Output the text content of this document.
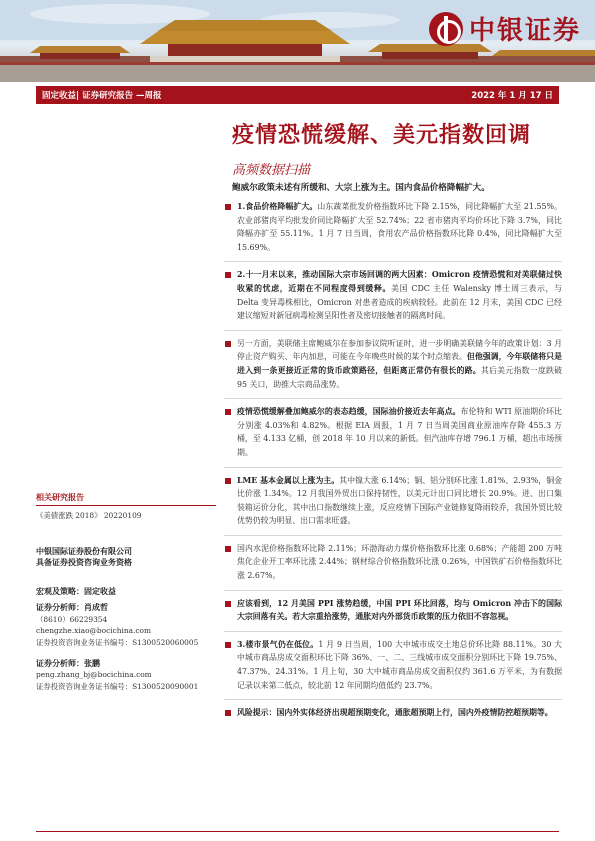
中银证券
固定收益| 证券研究报告 —周报	2022 年 1 月 17 日
疫情恐慌缓解、美元指数回调
高频数据扫描
鲍威尔政策未述有所缓和、大宗上涨为主。国内食品价格降幅扩大。
1.食品价格降幅扩大。山东蔬菜批发价格指数环比下降 2.15%，同比降幅扩大至 21.55%。农业部猪肉平均批发价同比降幅扩大至 52.74%；22 省市猪肉平均价环比下降 3.7%，同比降幅亦扩至 55.11%。1 月 7 日当周，食用农产品价格指数环比降 0.4%，同比降幅扩大至 15.69%。
2.十一月末以来，推动国际大宗市场回调的两大因素：Omicron 疫情恐慌和对美联储过快收紧的忧虑，近期在不同程度得到缓释。美国 CDC 主任 Walensky 博士周三表示，与 Delta 变异毒株相比，Omicron 对患者造成的疾病较轻。此前在 12 月末，美国 CDC 已经建议缩短对新冠病毒检测呈阳性者及密切接触者的隔离时间。
另一方面，美联储主席鲍威尔在参加参议院听证时，进一步明确美联储今年的政策计划：3 月停止资产购买、年内加息，可能在今年晚些时候的某个时点缩表。但他强调，今年联储将只是进入到一条更接近正常的货币政策路径，但距离正常仍有很长的路。其后美元指数一度跌破 95 关口，助推大宗商品涨势。
疫情恐慌缓解叠加鲍威尔的表态趋缓，国际油价接近去年高点。布伦特和 WTI 原油期价环比分别涨 4.03%和 4.82%。根据 EIA 周报，1 月 7 日当周美国商业原油库存降 455.3 万桶，至 4.133 亿桶，创 2018 年 10 月以来的新低。但汽油库存增 796.1 万桶，超出市场预期。
LME 基本金属以上涨为主。其中镍大涨 6.14%；铜、铝分别环比涨 1.81%、2.93%，铜金比价涨 1.34%。12 月我国外贸出口保持韧性，以美元计出口同比增长 20.9%。进、出口集装箱运价分化，其中出口指数继续上涨，反应疫情下国际产业链修复降雨较乔，我国外贸比较优势仍较为明显、出口需求旺盛。
国内水泥价格指数环比降 2.11%；环渤海动力煤价格指数环比涨 0.68%；产能超 200 万吨焦化企业开工率环比涨 2.44%；钢材综合价格指数环比涨 0.26%，中国铁矿石价格指数环比涨 2.67%。
应该看到，12 月美国 PPI 涨势趋缓，中国 PPI 环比回落，均与 Omicron 冲击下的国际大宗回落有关。若大宗重拾涨势，通胀对内外部货币政策的压力依旧不容忽视。
3.楼市景气仍在低位。1 月 9 日当周，100 大中城市成交土地总价环比降 88.11%。30 大中城市商品房成交面积环比下降 36%、一、二、三线城市成交面积分别环比下降 19.75%、47.37%、24.31%。1 月上旬，30 大中城市商品房成交面积仅约 361.6 万平米，为有数据记录以来第二低点，较北前 12 年同期均值低约 23.7%。
风险提示：国内外实体经济出现超预期变化，通胀超预期上行，国内外疫情防控超预期等。
相关研究报告
《美债涨跌 2018》 20220109
中银国际证券股份有限公司
具备证券投资咨询业务资格
宏观及策略：固定收益
证券分析师：肖成哲
（8610）66229354
chengzhe.xiao@bocichina.com
证券投资咨询业务证书编号：S1300520060005
证券分析师：张鹏
peng.zhang_bj@bocichina.com
证券投资咨询业务证书编号：S1300520090001
